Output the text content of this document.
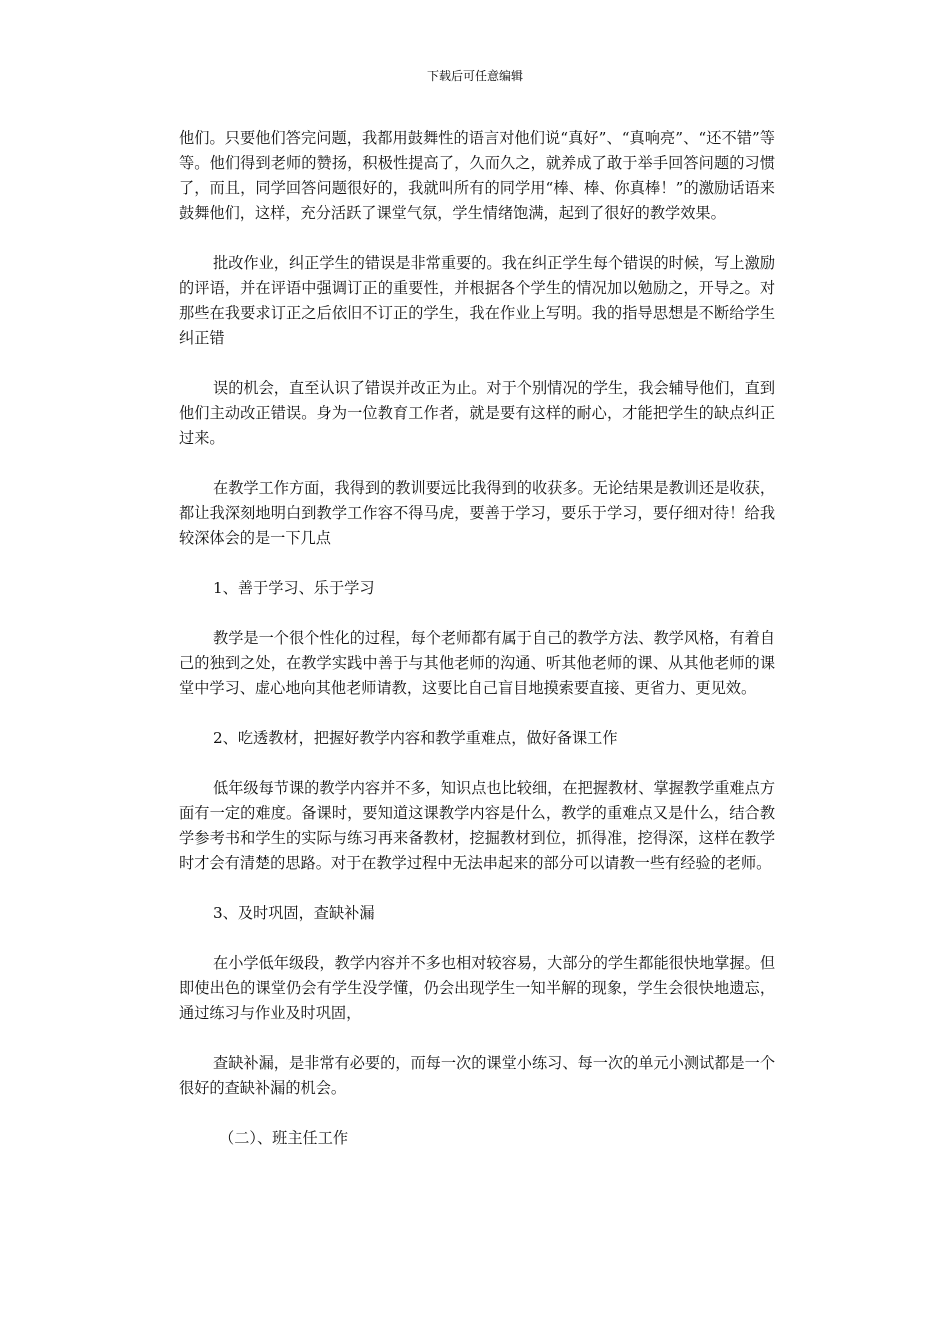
下载后可任意编辑

他们。只要他们答完问题，我都用鼓舞性的语言对他们说“真好”、“真响亮”、“还不错”等等。他们得到老师的赞扬，积极性提高了，久而久之，就养成了敢于举手回答问题的习惯了，而且，同学回答问题很好的，我就叫所有的同学用“棒、棒、你真棒！”的激励话语来鼓舞他们，这样，充分活跃了课堂气氛，学生情绪饱满，起到了很好的教学效果。

批改作业，纠正学生的错误是非常重要的。我在纠正学生每个错误的时候，写上激励的评语，并在评语中强调订正的重要性，并根据各个学生的情况加以勉励之，开导之。对那些在我要求订正之后依旧不订正的学生，我在作业上写明。我的指导思想是不断给学生纠正错

误的机会，直至认识了错误并改正为止。对于个别情况的学生，我会辅导他们，直到他们主动改正错误。身为一位教育工作者，就是要有这样的耐心，才能把学生的缺点纠正过来。

在教学工作方面，我得到的教训要远比我得到的收获多。无论结果是教训还是收获，都让我深刻地明白到教学工作容不得马虎，要善于学习，要乐于学习，要仔细对待！给我较深体会的是一下几点

1、善于学习、乐于学习

教学是一个很个性化的过程，每个老师都有属于自己的教学方法、教学风格，有着自己的独到之处，在教学实践中善于与其他老师的沟通、听其他老师的课、从其他老师的课堂中学习、虚心地向其他老师请教，这要比自己盲目地摸索要直接、更省力、更见效。

2、吃透教材，把握好教学内容和教学重难点，做好备课工作

低年级每节课的教学内容并不多，知识点也比较细，在把握教材、掌握教学重难点方面有一定的难度。备课时，要知道这课教学内容是什么，教学的重难点又是什么，结合教学参考书和学生的实际与练习再来备教材，挖掘教材到位，抓得准，挖得深，这样在教学时才会有清楚的思路。对于在教学过程中无法串起来的部分可以请教一些有经验的老师。

3、及时巩固，查缺补漏

在小学低年级段，教学内容并不多也相对较容易，大部分的学生都能很快地掌握。但即使出色的课堂仍会有学生没学懂，仍会出现学生一知半解的现象，学生会很快地遗忘，通过练习与作业及时巩固，

查缺补漏，是非常有必要的，而每一次的课堂小练习、每一次的单元小测试都是一个很好的查缺补漏的机会。

（二）、班主任工作
